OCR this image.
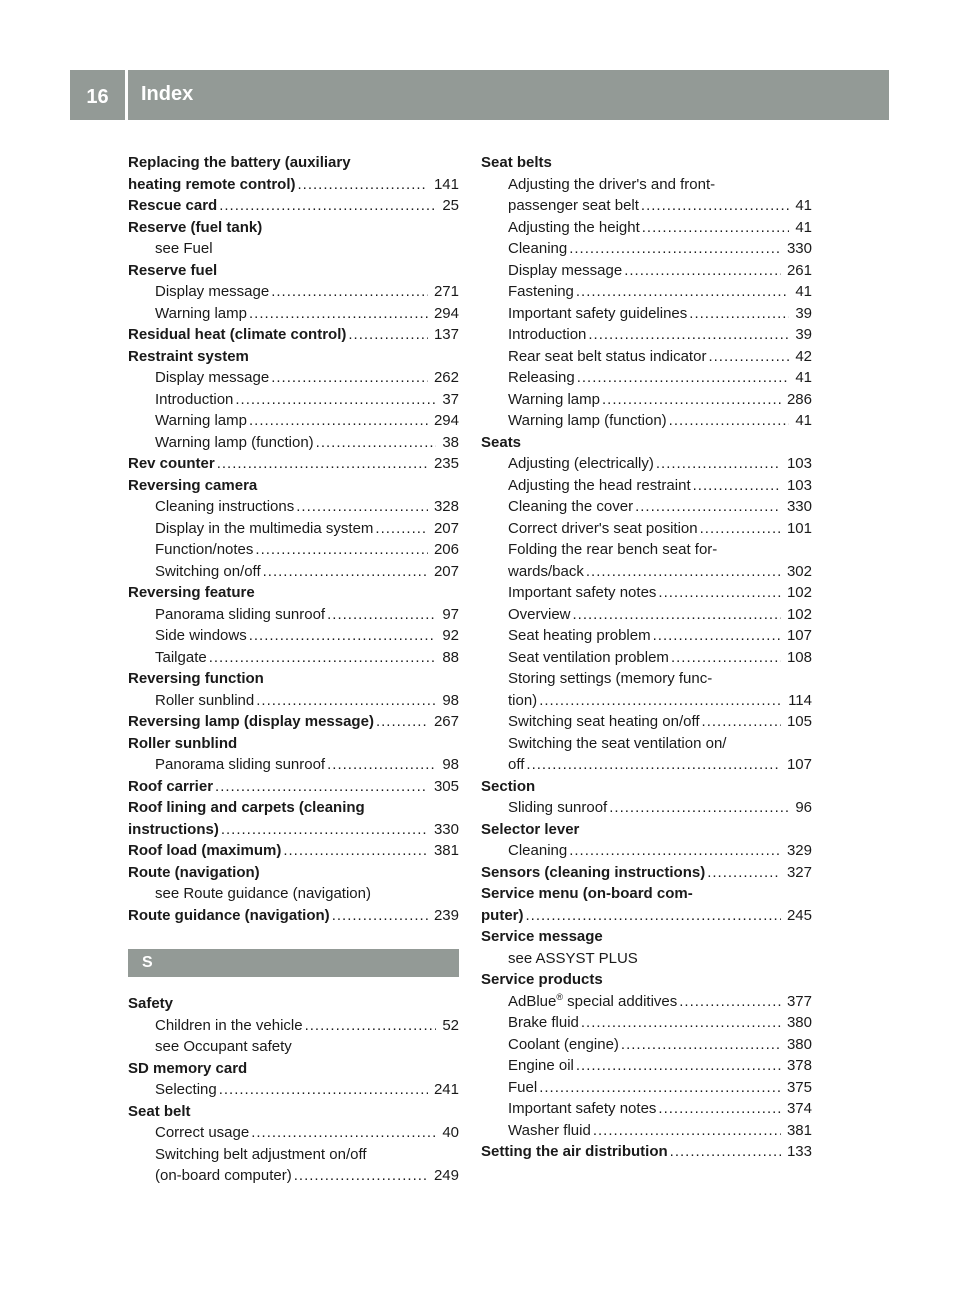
16	Index
Replacing the battery (auxiliary
heating remote control) .....	141
Rescue card .....	25
Reserve (fuel tank)
see Fuel
Reserve fuel
Display message .....	271
Warning lamp .....	294
Residual heat (climate control) .....	137
Restraint system
Display message .....	262
Introduction .....	37
Warning lamp .....	294
Warning lamp (function) .....	38
Rev counter .....	235
Reversing camera
Cleaning instructions .....	328
Display in the multimedia system .....	207
Function/notes .....	206
Switching on/off .....	207
Reversing feature
Panorama sliding sunroof .....	97
Side windows .....	92
Tailgate .....	88
Reversing function
Roller sunblind .....	98
Reversing lamp (display message) .....	267
Roller sunblind
Panorama sliding sunroof .....	98
Roof carrier .....	305
Roof lining and carpets (cleaning
instructions) .....	330
Roof load (maximum) .....	381
Route (navigation)
see Route guidance (navigation)
Route guidance (navigation) .....	239
S
Safety
Children in the vehicle .....	52
see Occupant safety
SD memory card
Selecting .....	241
Seat belt
Correct usage .....	40
Switching belt adjustment on/off
(on-board computer) .....	249
Seat belts
Adjusting the driver's and front-
passenger seat belt .....	41
Adjusting the height .....	41
Cleaning .....	330
Display message .....	261
Fastening .....	41
Important safety guidelines .....	39
Introduction .....	39
Rear seat belt status indicator .....	42
Releasing .....	41
Warning lamp .....	286
Warning lamp (function) .....	41
Seats
Adjusting (electrically) .....	103
Adjusting the head restraint .....	103
Cleaning the cover .....	330
Correct driver's seat position .....	101
Folding the rear bench seat for-
wards/back .....	302
Important safety notes .....	102
Overview .....	102
Seat heating problem .....	107
Seat ventilation problem .....	108
Storing settings (memory func-
tion) .....	114
Switching seat heating on/off .....	105
Switching the seat ventilation on/
off .....	107
Section
Sliding sunroof .....	96
Selector lever
Cleaning .....	329
Sensors (cleaning instructions) .....	327
Service menu (on-board com-
puter) .....	245
Service message
see ASSYST PLUS
Service products
AdBlue® special additives .....	377
Brake fluid .....	380
Coolant (engine) .....	380
Engine oil .....	378
Fuel .....	375
Important safety notes .....	374
Washer fluid .....	381
Setting the air distribution .....	133
